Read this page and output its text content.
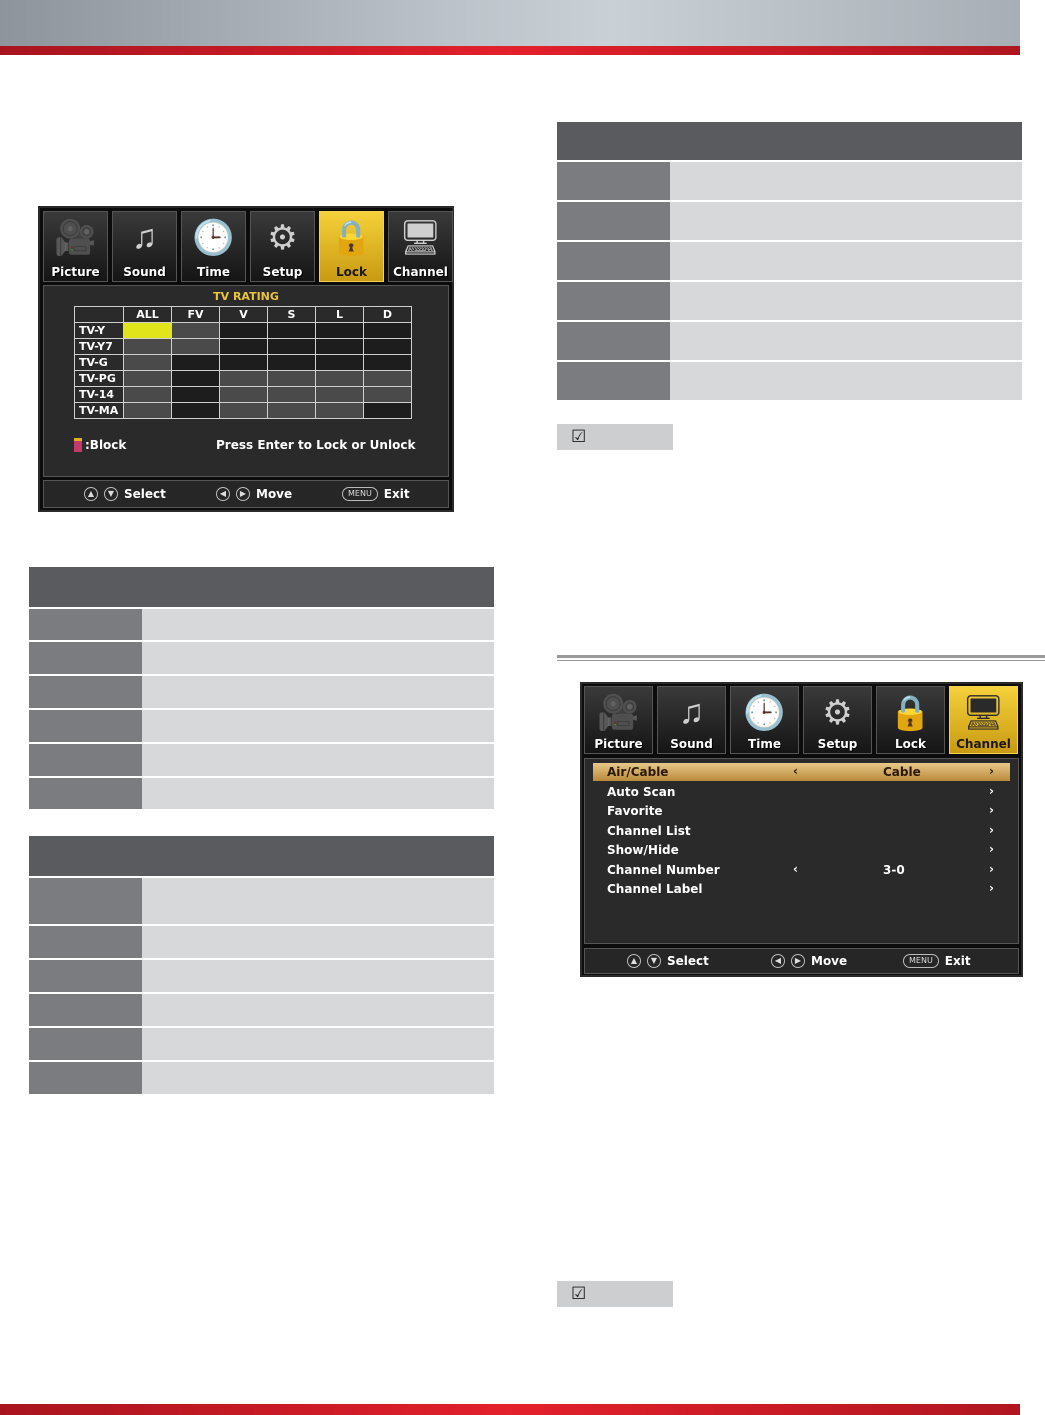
🎥
Picture
♫
Sound
🕒
Time
⚙
Setup
🔒
Lock
🖥
Channel
TV RATING
	ALL	FV	V	S	L	D
TV-Y						
TV-Y7						
TV-G						
TV-PG						
TV-14						
TV-MA						
:Block	Press Enter to Lock or Unlock
▲	▼ Select	◀	▶ Move	MENU	Exit
☑
🎥
Picture
♫
Sound
🕒
Time
⚙
Setup
🔒
Lock
🖥
Channel
Air/Cable	‹	Cable	›
Auto Scan	›
Favorite	›
Channel List	›
Show/Hide	›
Channel Number	‹	3-0	›
Channel Label	›
▲	▼ Select	◀	▶ Move	MENU	Exit
☑
